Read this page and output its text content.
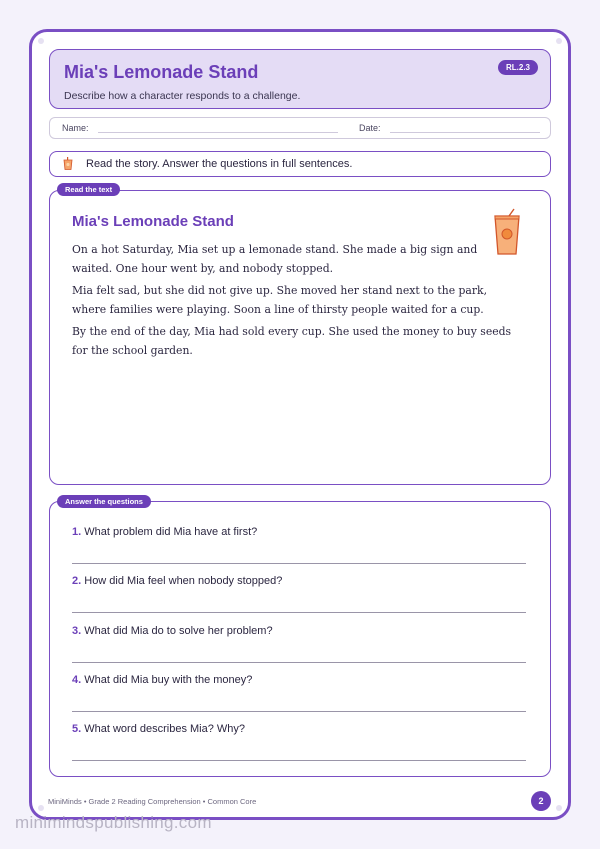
Mia's Lemonade Stand
Describe how a character responds to a challenge.
RL.2.3
Name:	Date:
Read the story. Answer the questions in full sentences.
Mia's Lemonade Stand

On a hot Saturday, Mia set up a lemonade stand. She made a big sign and waited. One hour went by, and nobody stopped.

Mia felt sad, but she did not give up. She moved her stand next to the park, where families were playing. Soon a line of thirsty people waited for a cup.

By the end of the day, Mia had sold every cup. She used the money to buy seeds for the school garden.

Read the text
1. What problem did Mia have at first?
2. How did Mia feel when nobody stopped?
3. What did Mia do to solve her problem?
4. What did Mia buy with the money?
5. What word describes Mia? Why?
Answer the questions
MiniMinds • Grade 2 Reading Comprehension • Common Core	2
minimindspublishing.com
